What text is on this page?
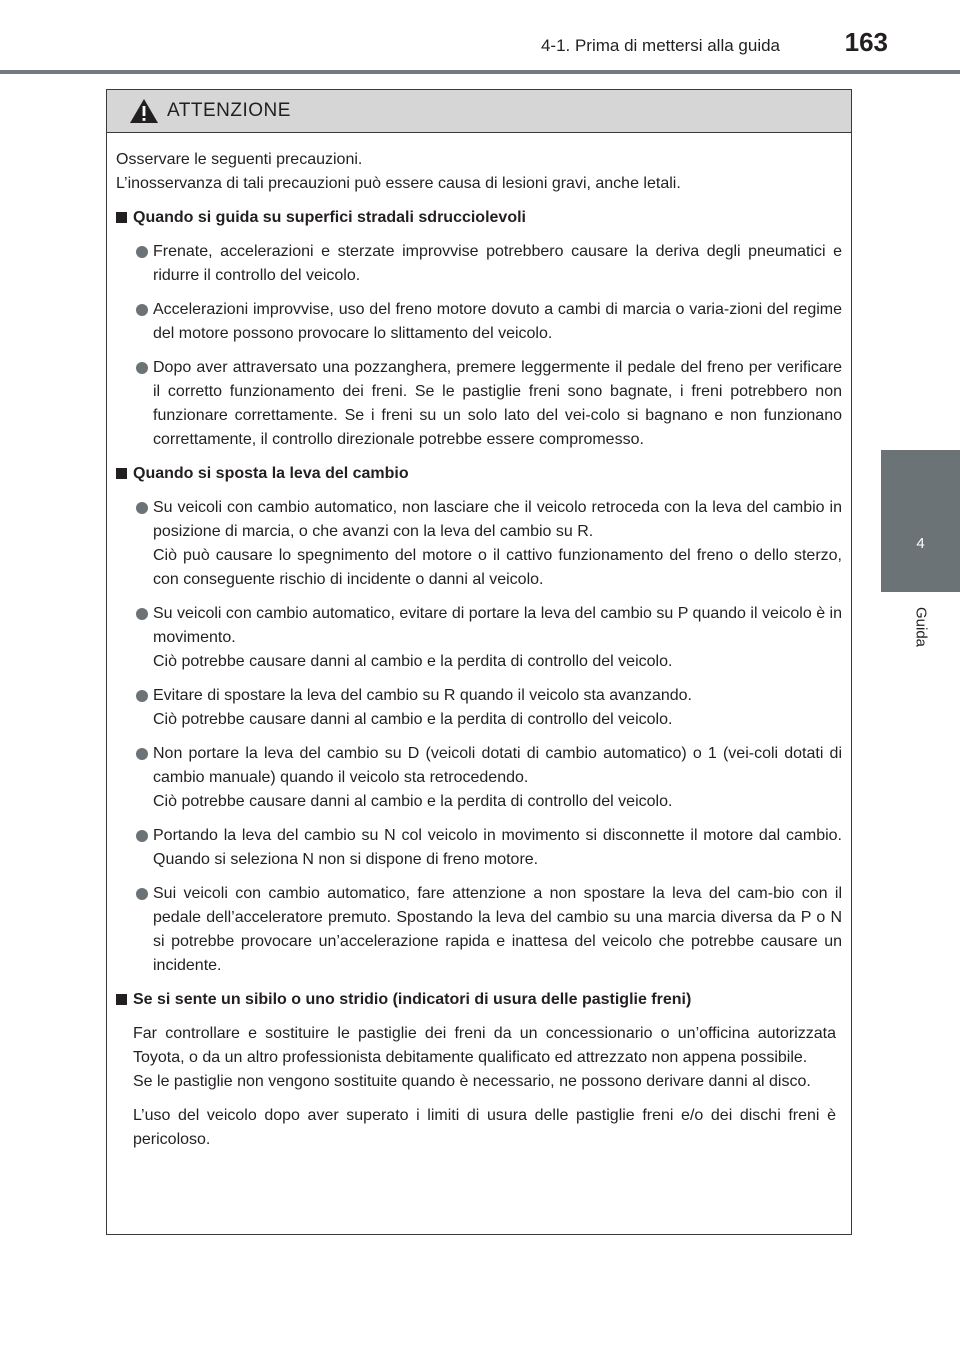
4-1. Prima di mettersi alla guida 163
4
Guida
ATTENZIONE

Osservare le seguenti precauzioni.

L’inosservanza di tali precauzioni può essere causa di lesioni gravi, anche letali.

Quando si guida su superfici stradali sdrucciolevoli

Frenate, accelerazioni e sterzate improvvise potrebbero causare la deriva degli pneumatici e ridurre il controllo del veicolo.

Accelerazioni improvvise, uso del freno motore dovuto a cambi di marcia o varia-zioni del regime del motore possono provocare lo slittamento del veicolo.

Dopo aver attraversato una pozzanghera, premere leggermente il pedale del freno per verificare il corretto funzionamento dei freni. Se le pastiglie freni sono bagnate, i freni potrebbero non funzionare correttamente. Se i freni su un solo lato del vei-colo si bagnano e non funzionano correttamente, il controllo direzionale potrebbe essere compromesso.

Quando si sposta la leva del cambio

Su veicoli con cambio automatico, non lasciare che il veicolo retroceda con la leva del cambio in posizione di marcia, o che avanzi con la leva del cambio su R.

Ciò può causare lo spegnimento del motore o il cattivo funzionamento del freno o dello sterzo, con conseguente rischio di incidente o danni al veicolo.

Su veicoli con cambio automatico, evitare di portare la leva del cambio su P quando il veicolo è in movimento.

Ciò potrebbe causare danni al cambio e la perdita di controllo del veicolo.

Evitare di spostare la leva del cambio su R quando il veicolo sta avanzando.

Ciò potrebbe causare danni al cambio e la perdita di controllo del veicolo.

Non portare la leva del cambio su D (veicoli dotati di cambio automatico) o 1 (vei-coli dotati di cambio manuale) quando il veicolo sta retrocedendo.

Ciò potrebbe causare danni al cambio e la perdita di controllo del veicolo.

Portando la leva del cambio su N col veicolo in movimento si disconnette il motore dal cambio. Quando si seleziona N non si dispone di freno motore.

Sui veicoli con cambio automatico, fare attenzione a non spostare la leva del cam-bio con il pedale dell’acceleratore premuto. Spostando la leva del cambio su una marcia diversa da P o N si potrebbe provocare un’accelerazione rapida e inattesa del veicolo che potrebbe causare un incidente.

Se si sente un sibilo o uno stridio (indicatori di usura delle pastiglie freni)

Far controllare e sostituire le pastiglie dei freni da un concessionario o un’officina autorizzata Toyota, o da un altro professionista debitamente qualificato ed attrezzato non appena possibile.

Se le pastiglie non vengono sostituite quando è necessario, ne possono derivare danni al disco.

L’uso del veicolo dopo aver superato i limiti di usura delle pastiglie freni e/o dei dischi freni è pericoloso.
